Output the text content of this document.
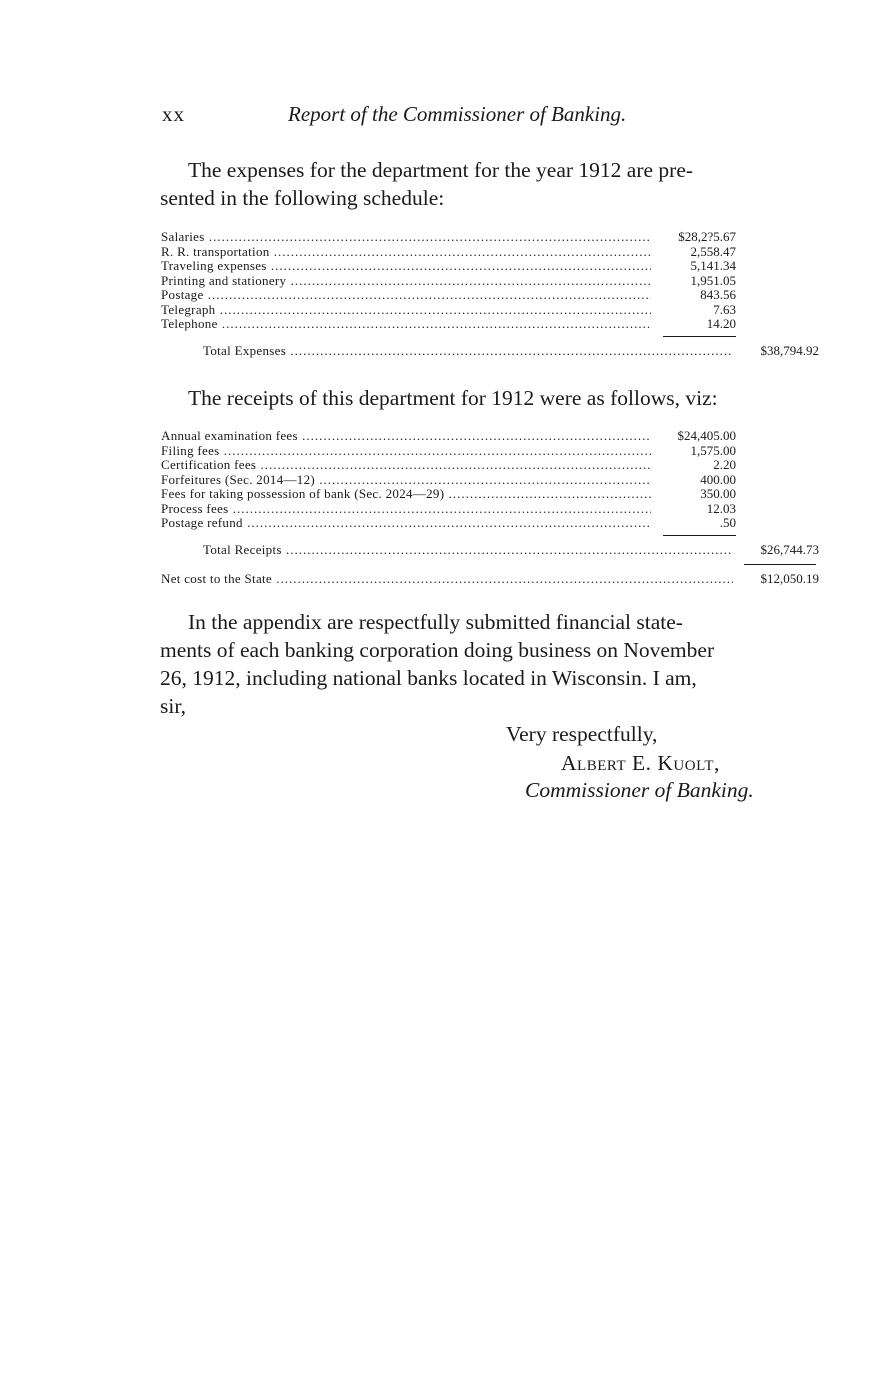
xx	Report of the Commissioner of Banking.
The expenses for the department for the year 1912 are pre-
sented in the following schedule:
Salaries .....	$28,2?5.67
R. R. transportation .....	2,558.47
Traveling expenses .....	5,141.34
Printing and stationery .....	1,951.05
Postage .....	843.56
Telegraph .....	7.63
Telephone .....	14.20
Total Expenses .....	$38,794.92
The receipts of this department for 1912 were as follows, viz:
Annual examination fees .....	$24,405.00
Filing fees .....	1,575.00
Certification fees .....	2.20
Forfeitures (Sec. 2014—12) .....	400.00
Fees for taking possession of bank (Sec. 2024—29) .....	350.00
Process fees .....	12.03
Postage refund .....	.50
Total Receipts .....	$26,744.73
Net cost to the State .....	$12,050.19
In the appendix are respectfully submitted financial state-
ments of each banking corporation doing business on November
26, 1912, including national banks located in Wisconsin. I am,
sir,
Very respectfully,
Albert E. Kuolt,
Commissioner of Banking.
